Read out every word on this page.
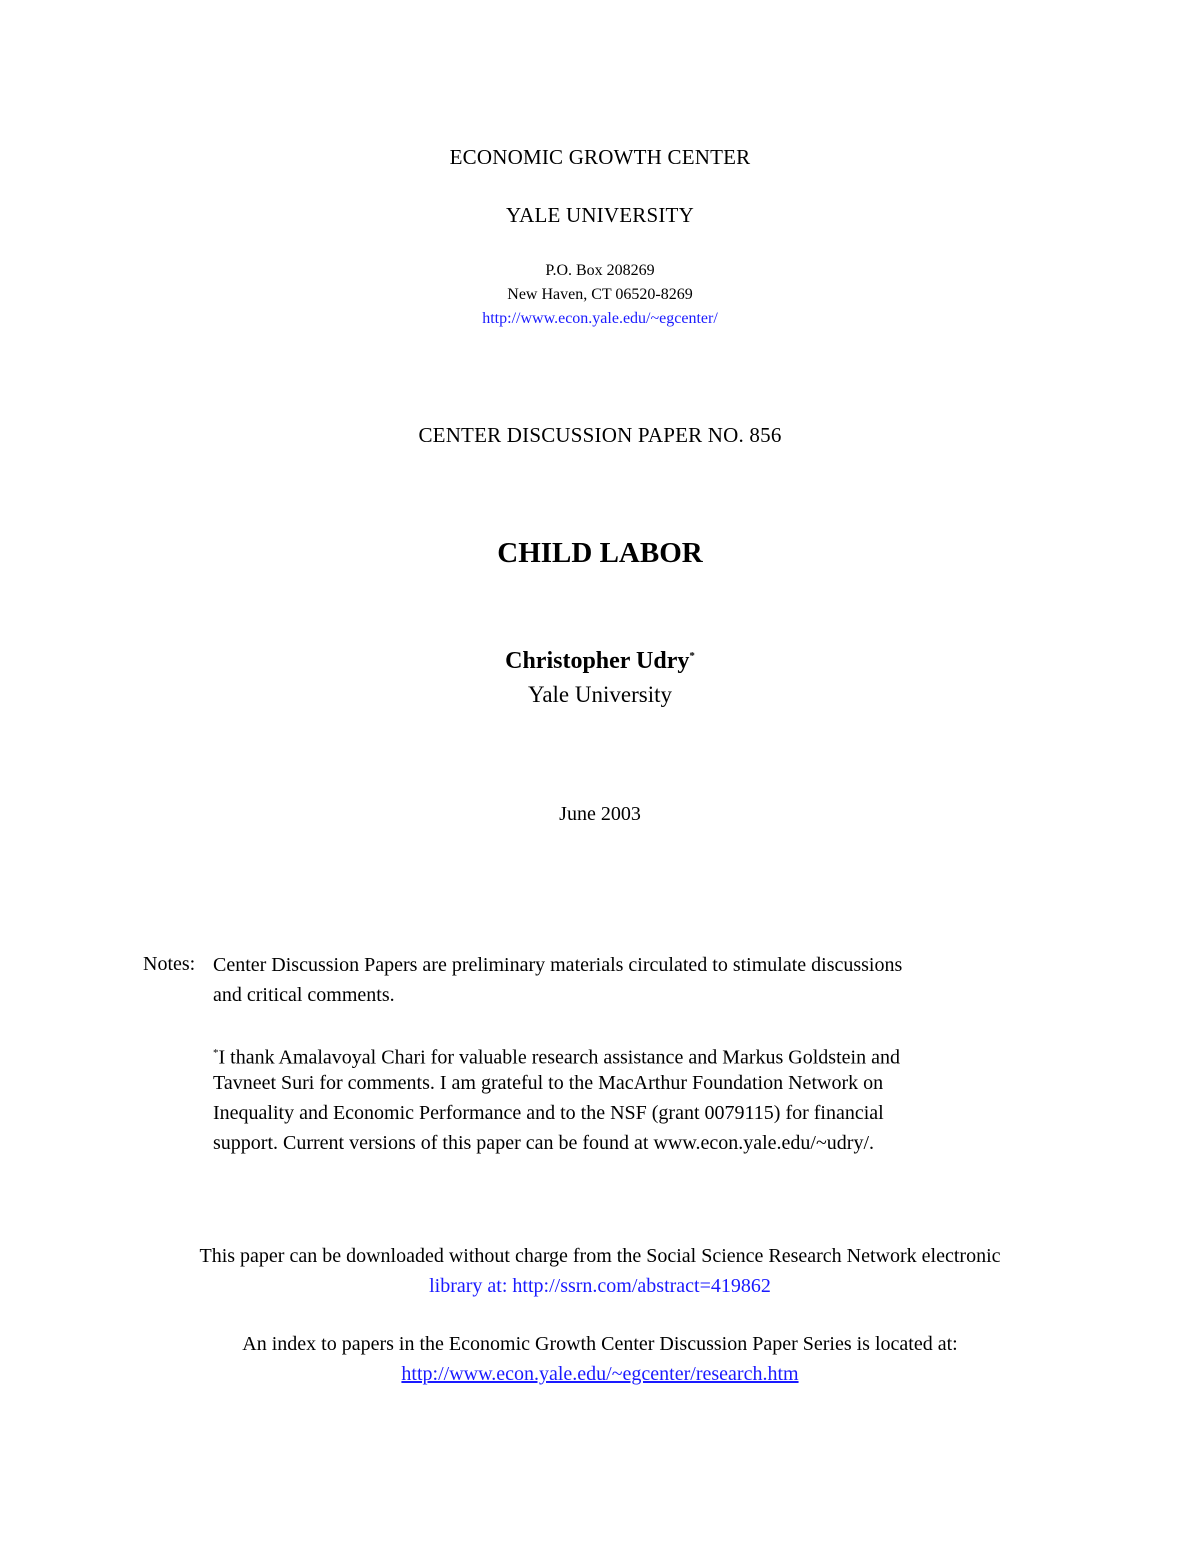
ECONOMIC GROWTH CENTER
YALE UNIVERSITY
P.O. Box 208269
New Haven, CT 06520-8269
http://www.econ.yale.edu/~egcenter/
CENTER DISCUSSION PAPER NO. 856
CHILD LABOR
Christopher Udry*
Yale University
June 2003
Notes: Center Discussion Papers are preliminary materials circulated to stimulate discussions
and critical comments.
*I thank Amalavoyal Chari for valuable research assistance and Markus Goldstein and
Tavneet Suri for comments. I am grateful to the MacArthur Foundation Network on
Inequality and Economic Performance and to the NSF (grant 0079115) for financial
support. Current versions of this paper can be found at www.econ.yale.edu/~udry/.
This paper can be downloaded without charge from the Social Science Research Network electronic
library at: http://ssrn.com/abstract=419862
An index to papers in the Economic Growth Center Discussion Paper Series is located at:
http://www.econ.yale.edu/~egcenter/research.htm
